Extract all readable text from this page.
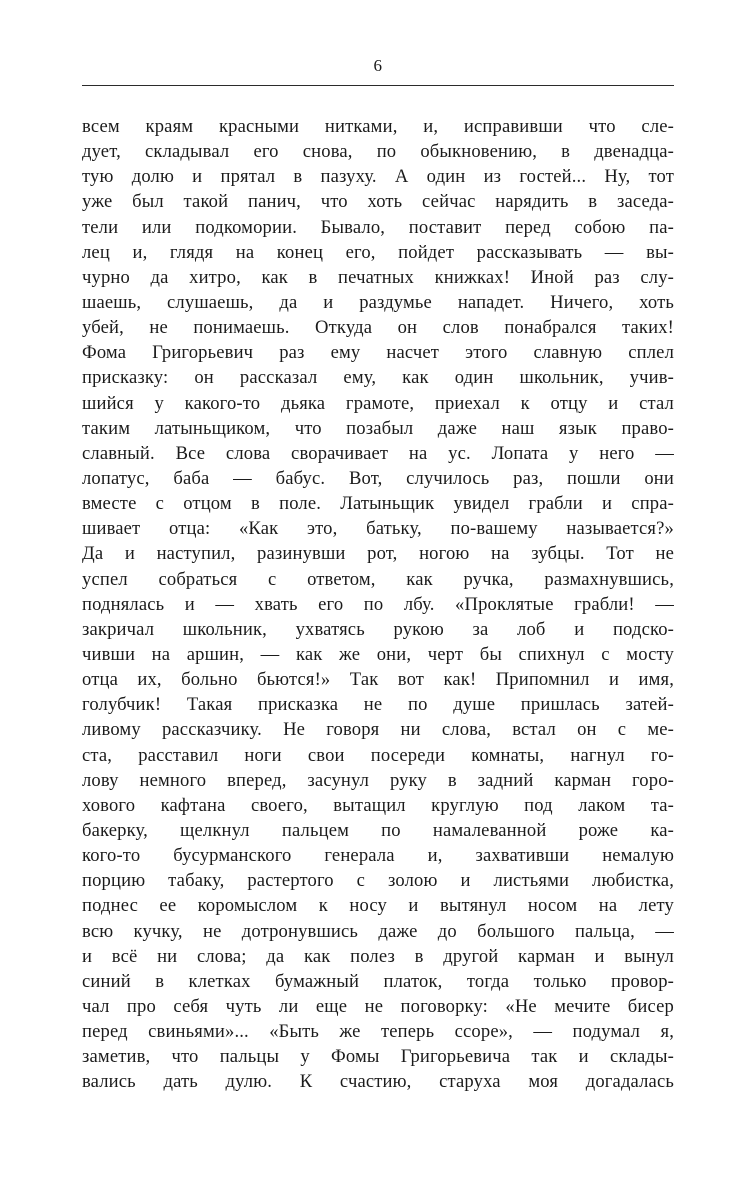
6
всем краям красными нитками, и, исправивши что сле-
дует, складывал его снова, по обыкновению, в двенадца-
тую долю и прятал в пазуху. А один из гостей... Ну, тот
уже был такой панич, что хоть сейчас нарядить в заседа-
тели или подкомории. Бывало, поставит перед собою па-
лец и, глядя на конец его, пойдет рассказывать — вы-
чурно да хитро, как в печатных книжках! Иной раз слу-
шаешь, слушаешь, да и раздумье нападет. Ничего, хоть
убей, не понимаешь. Откуда он слов понабрался таких!
Фома Григорьевич раз ему насчет этого славную сплел
присказку: он рассказал ему, как один школьник, учив-
шийся у какого-то дьяка грамоте, приехал к отцу и стал
таким латыньщиком, что позабыл даже наш язык право-
славный. Все слова сворачивает на ус. Лопата у него —
лопатус, баба — бабус. Вот, случилось раз, пошли они
вместе с отцом в поле. Латыньщик увидел грабли и спра-
шивает отца: «Как это, батьку, по-вашему называется?»
Да и наступил, разинувши рот, ногою на зубцы. Тот не
успел собраться с ответом, как ручка, размахнувшись,
поднялась и — хвать его по лбу. «Проклятые грабли! —
закричал школьник, ухватясь рукою за лоб и подско-
чивши на аршин, — как же они, черт бы спихнул с мосту
отца их, больно бьются!» Так вот как! Припомнил и имя,
голубчик! Такая присказка не по душе пришлась затей-
ливому рассказчику. Не говоря ни слова, встал он с ме-
ста, расставил ноги свои посереди комнаты, нагнул го-
лову немного вперед, засунул руку в задний карман горо-
хового кафтана своего, вытащил круглую под лаком та-
бакерку, щелкнул пальцем по намалеванной роже ка-
кого-то бусурманского генерала и, захвативши немалую
порцию табаку, растертого с золою и листьями любистка,
поднес ее коромыслом к носу и вытянул носом на лету
всю кучку, не дотронувшись даже до большого пальца, —
и всё ни слова; да как полез в другой карман и вынул
синий в клетках бумажный платок, тогда только провор-
чал про себя чуть ли еще не поговорку: «Не мечите бисер
перед свиньями»... «Быть же теперь ссоре», — подумал я,
заметив, что пальцы у Фомы Григорьевича так и склады-
вались дать дулю. К счастию, старуха моя догадалась
